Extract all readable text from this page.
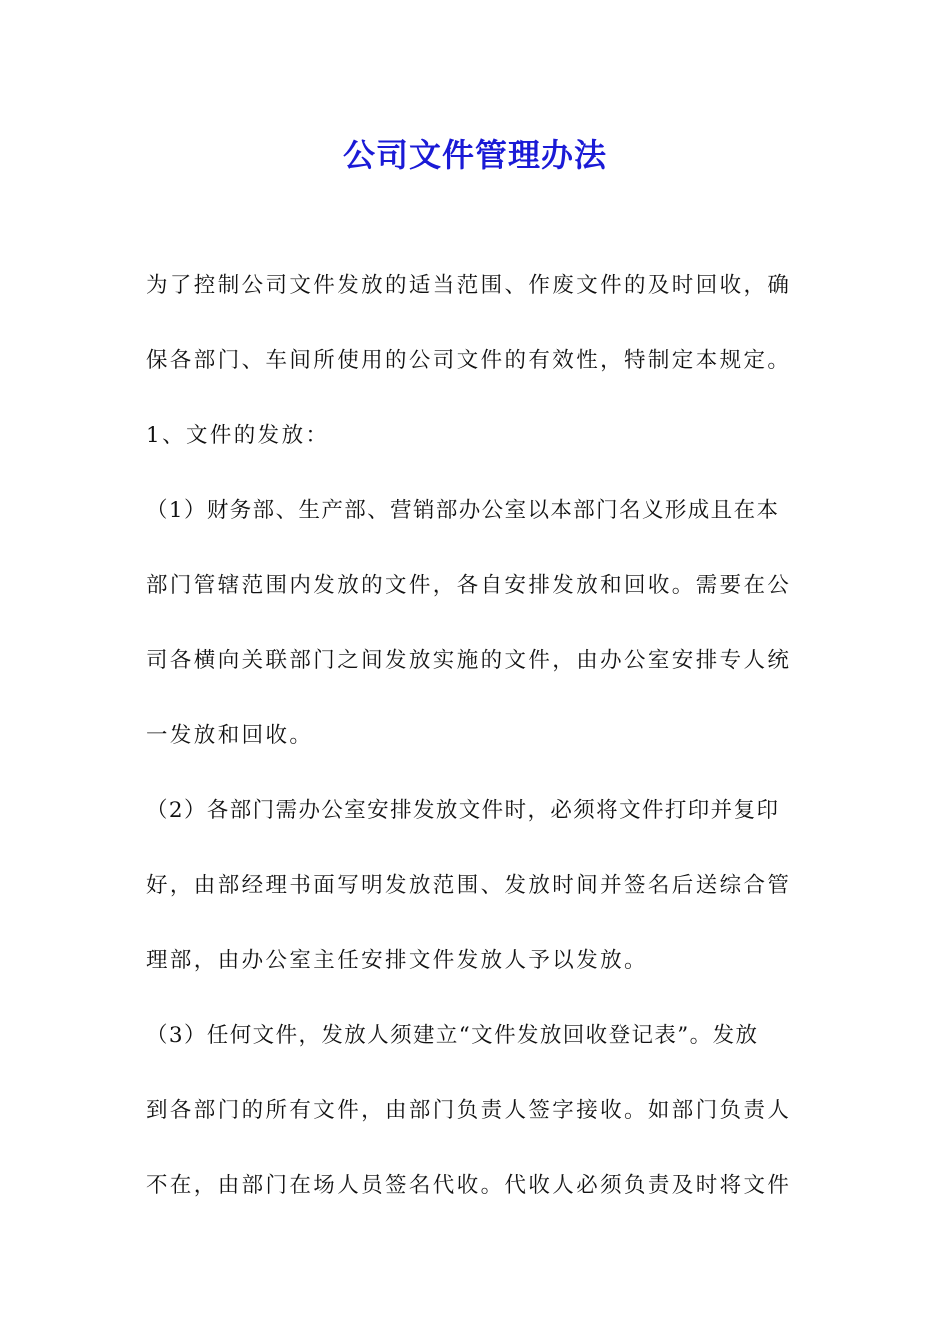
公司文件管理办法
为了控制公司文件发放的适当范围、作废文件的及时回收，确
保各部门、车间所使用的公司文件的有效性，特制定本规定。
1、文件的发放：
（1）财务部、生产部、营销部办公室以本部门名义形成且在本
部门管辖范围内发放的文件，各自安排发放和回收。需要在公
司各横向关联部门之间发放实施的文件，由办公室安排专人统
一发放和回收。
（2）各部门需办公室安排发放文件时，必须将文件打印并复印
好，由部经理书面写明发放范围、发放时间并签名后送综合管
理部，由办公室主任安排文件发放人予以发放。
（3）任何文件，发放人须建立“文件发放回收登记表”。发放
到各部门的所有文件，由部门负责人签字接收。如部门负责人
不在，由部门在场人员签名代收。代收人必须负责及时将文件
